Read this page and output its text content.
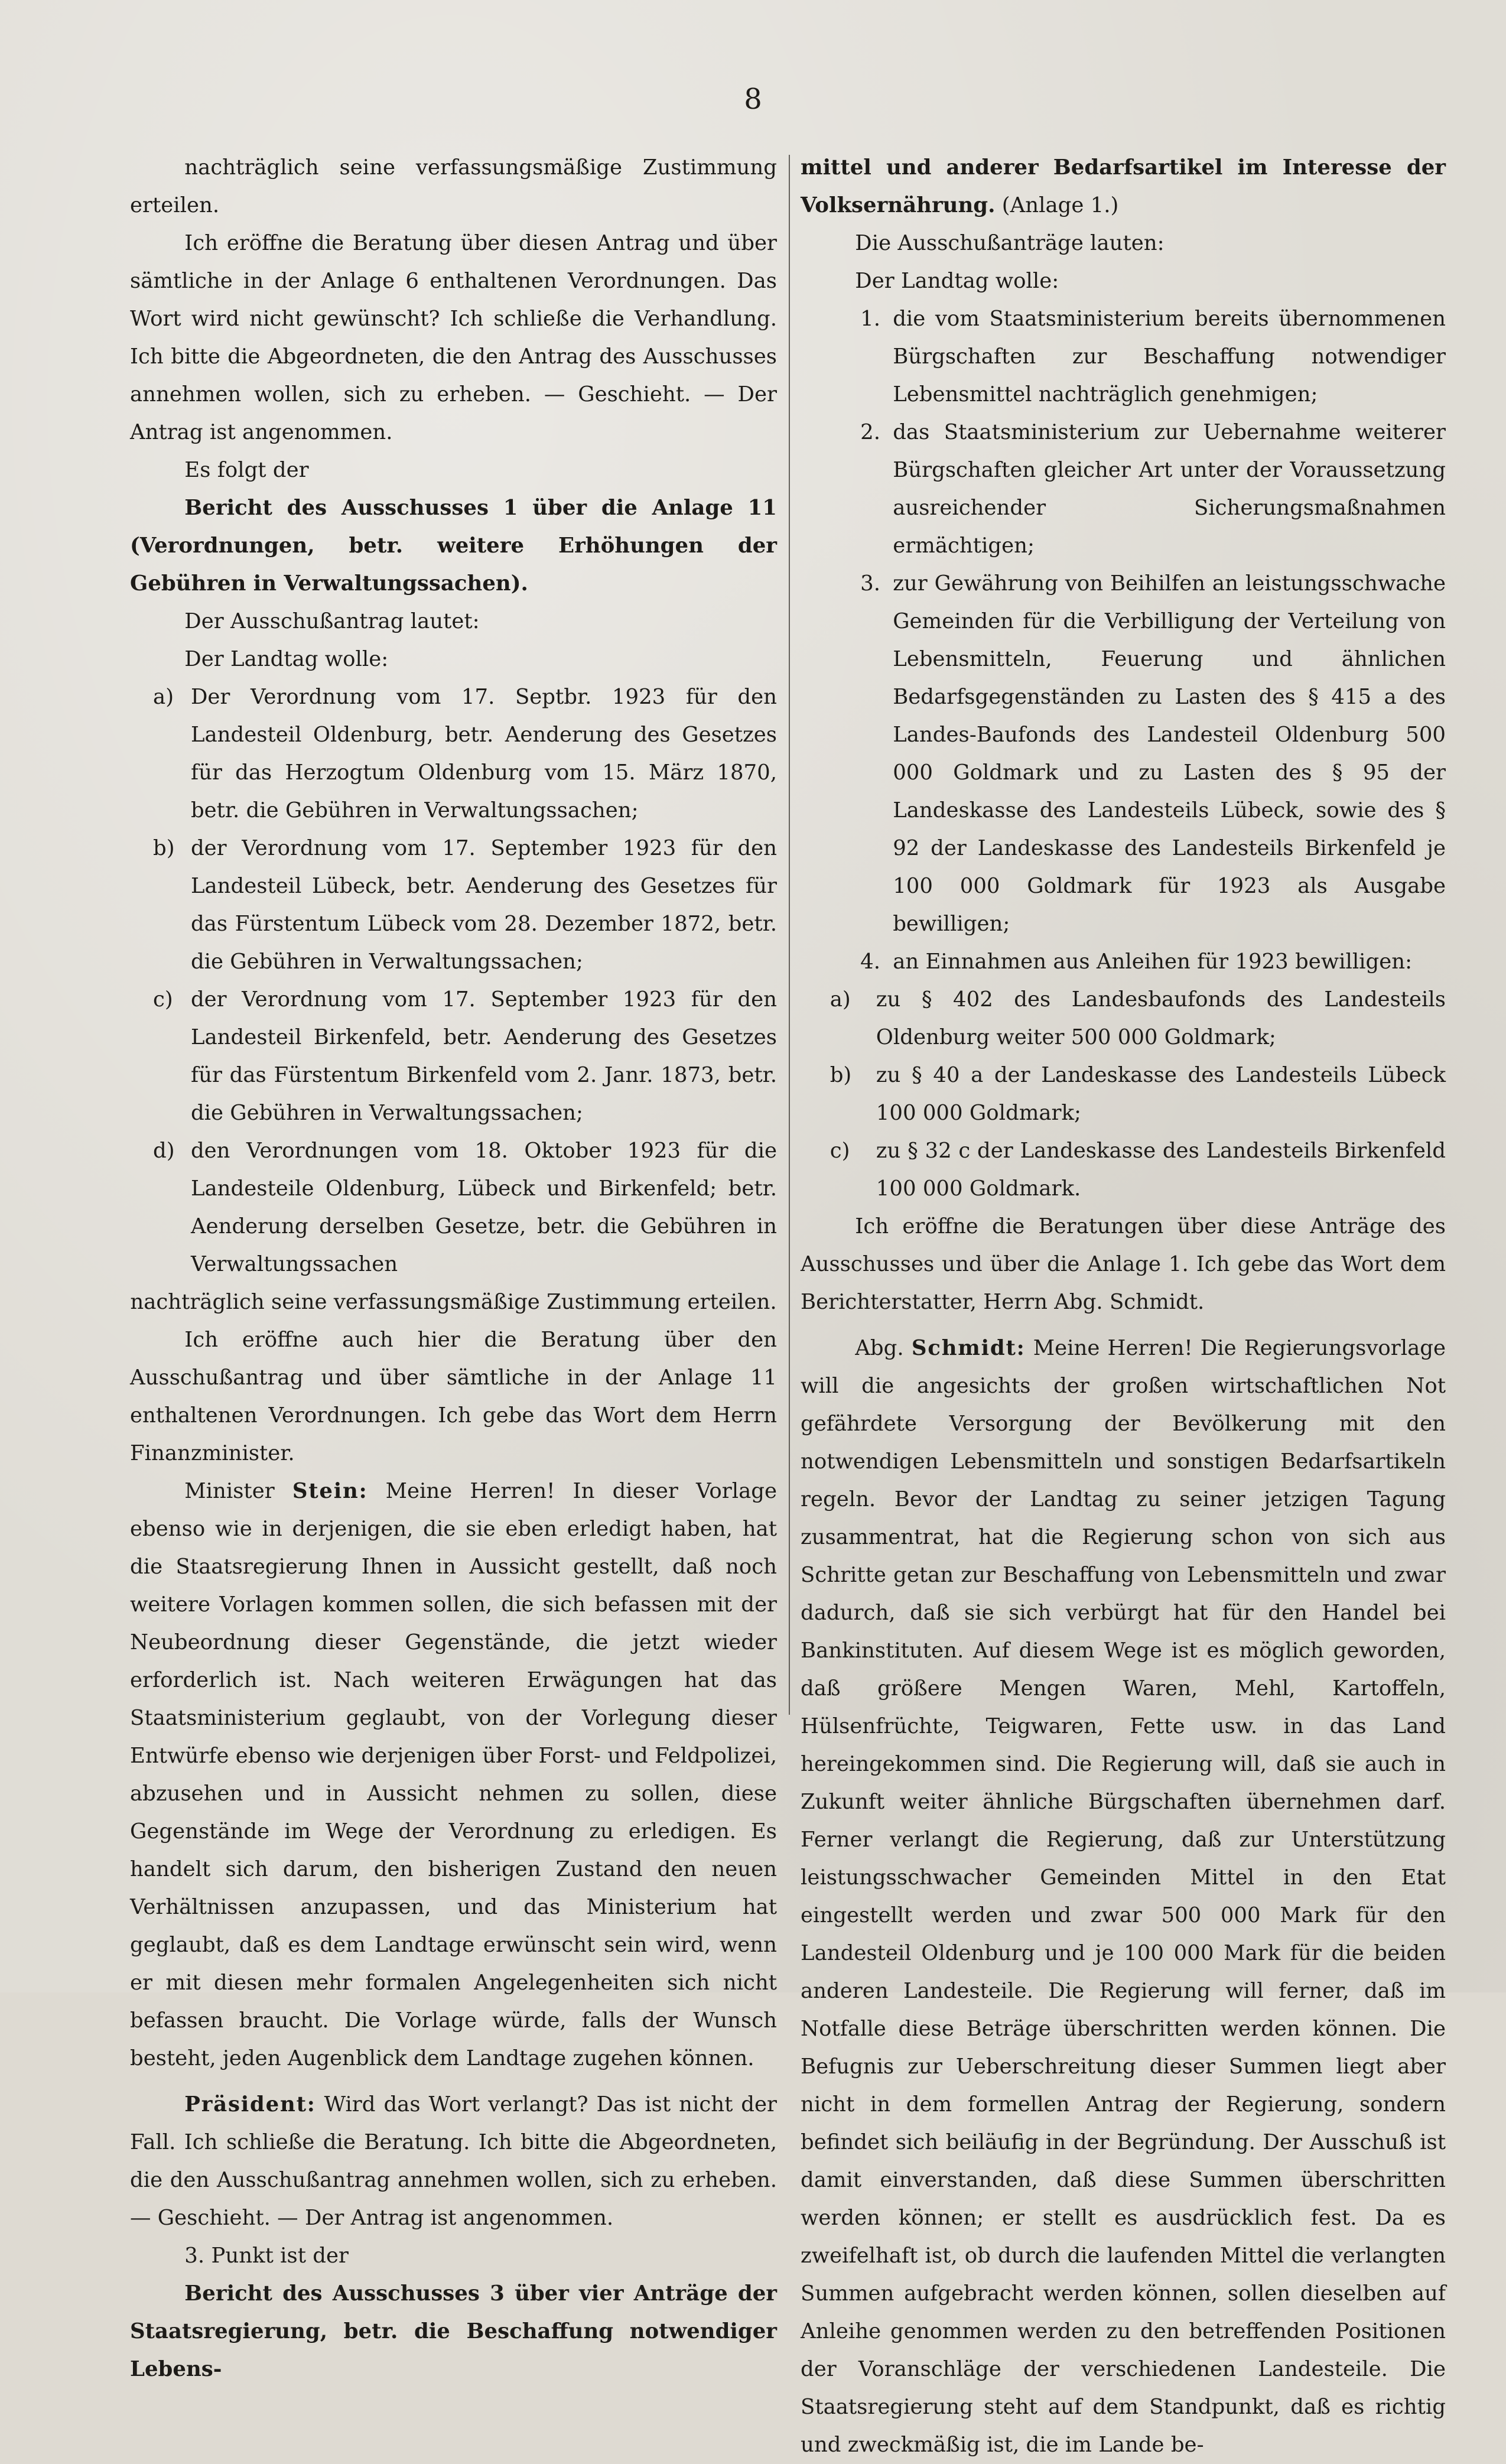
8

nachträglich seine verfassungsmäßige Zustimmung erteilen.

Ich eröffne die Beratung über diesen Antrag und über sämtliche in der Anlage 6 enthaltenen Verordnungen. Das Wort wird nicht gewünscht? Ich schließe die Verhandlung. Ich bitte die Abgeordneten, die den Antrag des Ausschusses annehmen wollen, sich zu erheben. — Geschieht. — Der Antrag ist angenommen.

Es folgt der

Bericht des Ausschusses 1 über die Anlage 11 (Verordnungen, betr. weitere Erhöhungen der Gebühren in Verwaltungssachen).

Der Ausschußantrag lautet:

Der Landtag wolle:

a) Der Verordnung vom 17. Septbr. 1923 für den Landesteil Oldenburg, betr. Aenderung des Gesetzes für das Herzogtum Oldenburg vom 15. März 1870, betr. die Gebühren in Verwaltungssachen;
b) der Verordnung vom 17. September 1923 für den Landesteil Lübeck, betr. Aenderung des Gesetzes für das Fürstentum Lübeck vom 28. Dezember 1872, betr. die Gebühren in Verwaltungssachen;
c) der Verordnung vom 17. September 1923 für den Landesteil Birkenfeld, betr. Aenderung des Gesetzes für das Fürstentum Birkenfeld vom 2. Janr. 1873, betr. die Gebühren in Verwaltungssachen;
d) den Verordnungen vom 18. Oktober 1923 für die Landesteile Oldenburg, Lübeck und Birkenfeld; betr. Aenderung derselben Gesetze, betr. die Gebühren in Verwaltungssachen

nachträglich seine verfassungsmäßige Zustimmung erteilen.

Ich eröffne auch hier die Beratung über den Ausschußantrag und über sämtliche in der Anlage 11 enthaltenen Verordnungen. Ich gebe das Wort dem Herrn Finanzminister.

Minister Stein: Meine Herren! In dieser Vorlage ebenso wie in derjenigen, die sie eben erledigt haben, hat die Staatsregierung Ihnen in Aussicht gestellt, daß noch weitere Vorlagen kommen sollen, die sich befassen mit der Neubeordnung dieser Gegenstände, die jetzt wieder erforderlich ist. Nach weiteren Erwägungen hat das Staatsministerium geglaubt, von der Vorlegung dieser Entwürfe ebenso wie derjenigen über Forst- und Feldpolizei, abzusehen und in Aussicht nehmen zu sollen, diese Gegenstände im Wege der Verordnung zu erledigen. Es handelt sich darum, den bisherigen Zustand den neuen Verhältnissen anzupassen, und das Ministerium hat geglaubt, daß es dem Landtage erwünscht sein wird, wenn er mit diesen mehr formalen Angelegenheiten sich nicht befassen braucht. Die Vorlage würde, falls der Wunsch besteht, jeden Augenblick dem Landtage zugehen können.

Präsident: Wird das Wort verlangt? Das ist nicht der Fall. Ich schließe die Beratung. Ich bitte die Abgeordneten, die den Ausschußantrag annehmen wollen, sich zu erheben. — Geschieht. — Der Antrag ist angenommen.

3. Punkt ist der

Bericht des Ausschusses 3 über vier Anträge der Staatsregierung, betr. die Beschaffung notwendiger Lebens-

mittel und anderer Bedarfsartikel im Interesse der Volksernährung. (Anlage 1.)

Die Ausschußanträge lauten:

Der Landtag wolle:

1. die vom Staatsministerium bereits übernommenen Bürgschaften zur Beschaffung notwendiger Lebensmittel nachträglich genehmigen;
2. das Staatsministerium zur Uebernahme weiterer Bürgschaften gleicher Art unter der Voraussetzung ausreichender Sicherungsmaßnahmen ermächtigen;
3. zur Gewährung von Beihilfen an leistungsschwache Gemeinden für die Verbilligung der Verteilung von Lebensmitteln, Feuerung und ähnlichen Bedarfsgegenständen zu Lasten des § 415 a des Landes-Baufonds des Landesteil Oldenburg 500 000 Goldmark und zu Lasten des § 95 der Landeskasse des Landesteils Lübeck, sowie des § 92 der Landeskasse des Landesteils Birkenfeld je 100 000 Goldmark für 1923 als Ausgabe bewilligen;
4. an Einnahmen aus Anleihen für 1923 bewilligen:
a) zu § 402 des Landesbaufonds des Landesteils Oldenburg weiter 500 000 Goldmark;
b) zu § 40 a der Landeskasse des Landesteils Lübeck 100 000 Goldmark;
c) zu § 32 c der Landeskasse des Landesteils Birkenfeld 100 000 Goldmark.

Ich eröffne die Beratungen über diese Anträge des Ausschusses und über die Anlage 1. Ich gebe das Wort dem Berichterstatter, Herrn Abg. Schmidt.

Abg. Schmidt: Meine Herren! Die Regierungsvorlage will die angesichts der großen wirtschaftlichen Not gefährdete Versorgung der Bevölkerung mit den notwendigen Lebensmitteln und sonstigen Bedarfsartikeln regeln. Bevor der Landtag zu seiner jetzigen Tagung zusammentrat, hat die Regierung schon von sich aus Schritte getan zur Beschaffung von Lebensmitteln und zwar dadurch, daß sie sich verbürgt hat für den Handel bei Bankinstituten. Auf diesem Wege ist es möglich geworden, daß größere Mengen Waren, Mehl, Kartoffeln, Hülsenfrüchte, Teigwaren, Fette usw. in das Land hereingekommen sind. Die Regierung will, daß sie auch in Zukunft weiter ähnliche Bürgschaften übernehmen darf. Ferner verlangt die Regierung, daß zur Unterstützung leistungsschwacher Gemeinden Mittel in den Etat eingestellt werden und zwar 500 000 Mark für den Landesteil Oldenburg und je 100 000 Mark für die beiden anderen Landesteile. Die Regierung will ferner, daß im Notfalle diese Beträge überschritten werden können. Die Befugnis zur Ueberschreitung dieser Summen liegt aber nicht in dem formellen Antrag der Regierung, sondern befindet sich beiläufig in der Begründung. Der Ausschuß ist damit einverstanden, daß diese Summen überschritten werden können; er stellt es ausdrücklich fest. Da es zweifelhaft ist, ob durch die laufenden Mittel die verlangten Summen aufgebracht werden können, sollen dieselben auf Anleihe genommen werden zu den betreffenden Positionen der Voranschläge der verschiedenen Landesteile. Die Staatsregierung steht auf dem Standpunkt, daß es richtig und zweckmäßig ist, die im Lande be-
